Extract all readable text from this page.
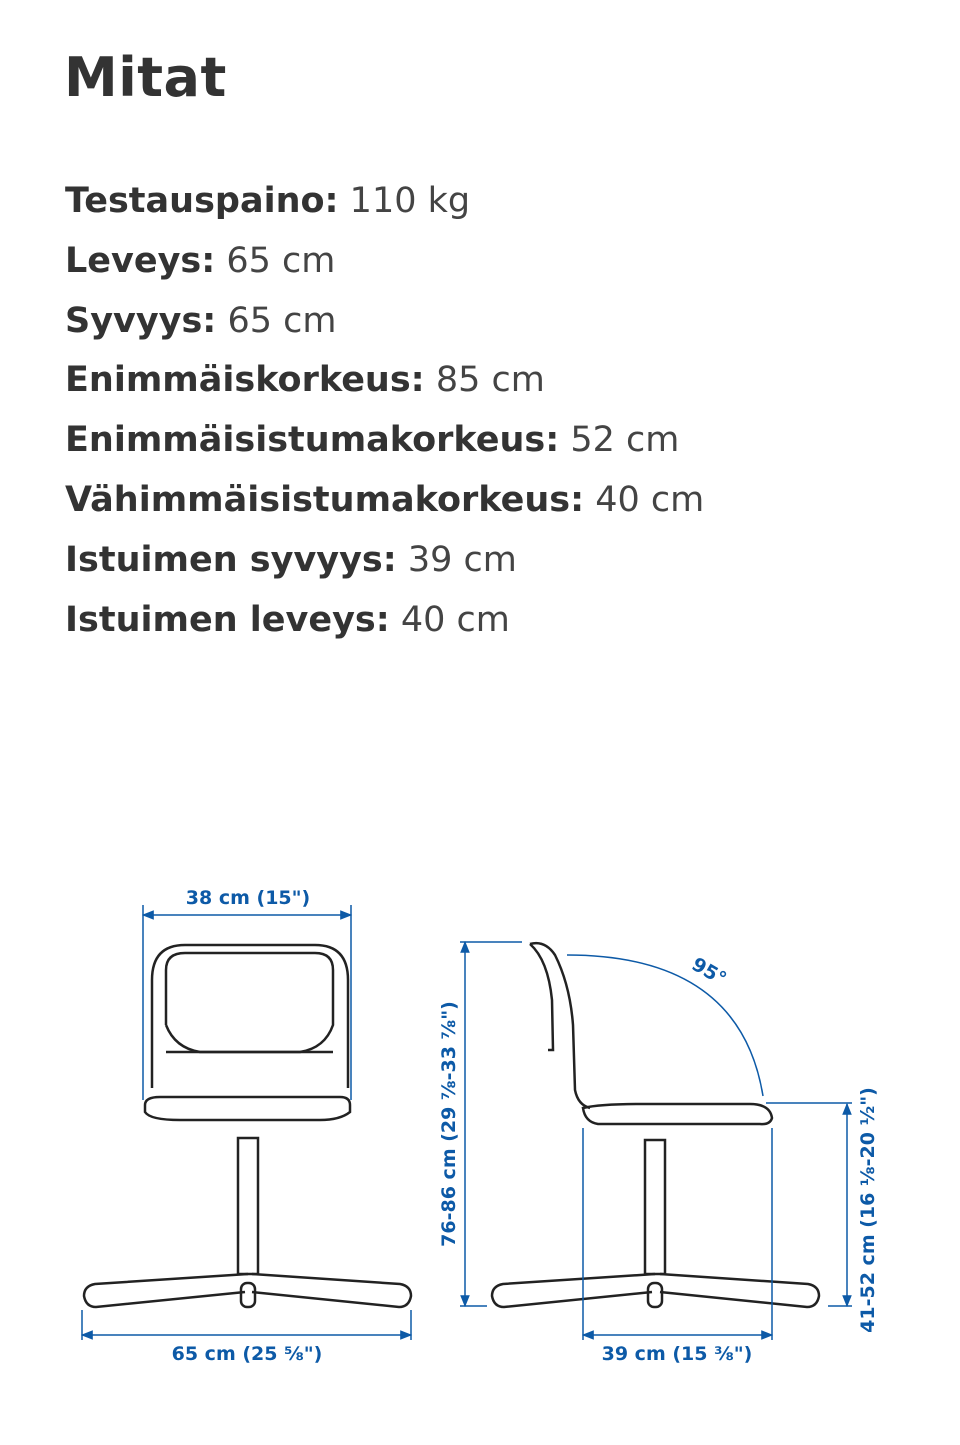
Mitat
Testauspaino: 110 kg
Leveys: 65 cm
Syvyys: 65 cm
Enimmäiskorkeus: 85 cm
Enimmäisistumakorkeus: 52 cm
Vähimmäisistumakorkeus: 40 cm
Istuimen syvyys: 39 cm
Istuimen leveys: 40 cm
38 cm (15")
65 cm (25 ⅝")
95°
76-86 cm (29 ⅞-33 ⅞")	41-52 cm (16 ⅛-20 ½")
39 cm (15 ⅜")
